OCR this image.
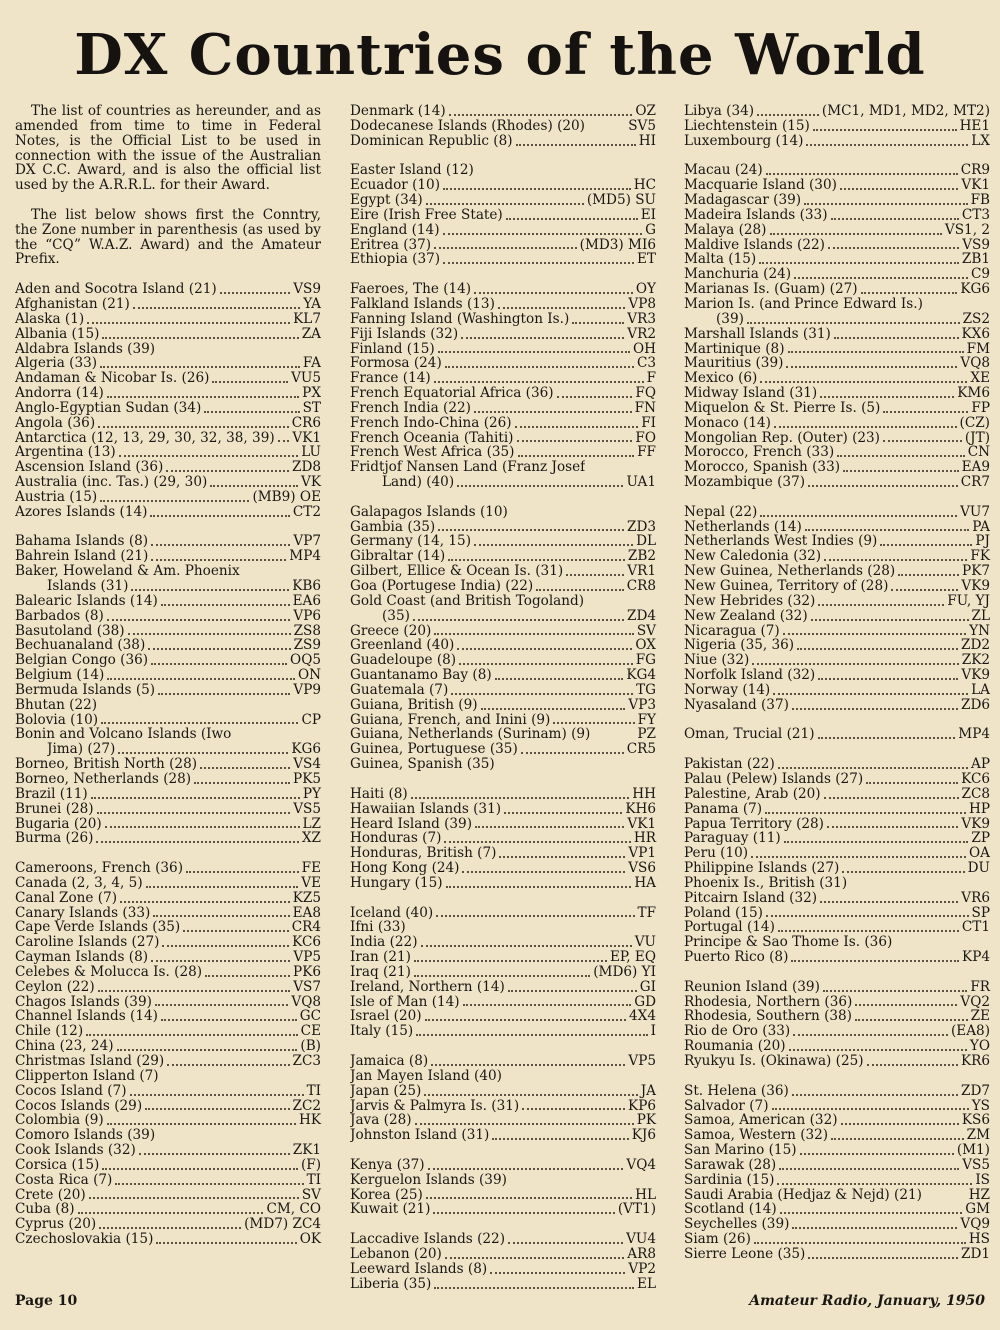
DX Countries of the World

The list of countries as hereunder, and as amended from time to time in Federal Notes, is the Official List to be used in connection with the issue of the Australian DX C.C. Award, and is also the official list used by the A.R.R.L. for their Award.

The list below shows first the Conntry, the Zone number in parenthesis (as used by the “CQ” W.A.Z. Award) and the Amateur Prefix.

Aden and Socotra Island (21)	VS9
Afghanistan (21)	YA
Alaska (1)	KL7
Albania (15)	ZA
Aldabra Islands (39)
Algeria (33)	FA
Andaman & Nicobar Is. (26)	VU5
Andorra (14)	PX
Anglo-Egyptian Sudan (34)	ST
Angola (36)	CR6
Antarctica (12, 13, 29, 30, 32, 38, 39) VK1
Argentina (13)	LU
Ascension Island (36)	ZD8
Australia (inc. Tas.) (29, 30)	VK
Austria (15)	(MB9) OE
Azores Islands (14)	CT2
Bahama Islands (8)	VP7
Bahrein Island (21)	MP4
Baker, Howeland & Am. Phoenix
Islands (31)	KB6
Balearic Islands (14)	EA6
Barbados (8)	VP6
Basutoland (38)	ZS8
Bechuanaland (38)	ZS9
Belgian Congo (36)	OQ5
Belgium (14)	ON
Bermuda Islands (5)	VP9
Bhutan (22)
Bolovia (10)	CP
Bonin and Volcano Islands (Iwo
Jima) (27)	KG6
Borneo, British North (28)	VS4
Borneo, Netherlands (28)	PK5
Brazil (11)	PY
Brunei (28)	VS5
Bugaria (20)	LZ
Burma (26)	XZ
Cameroons, French (36)	FE
Canada (2, 3, 4, 5)	VE
Canal Zone (7)	KZ5
Canary Islands (33)	EA8
Cape Verde Islands (35)	CR4
Caroline Islands (27)	KC6
Cayman Islands (8)	VP5
Celebes & Molucca Is. (28)	PK6
Ceylon (22)	VS7
Chagos Islands (39)	VQ8
Channel Islands (14)	GC
Chile (12)	CE
China (23, 24)	(B)
Christmas Island (29)	ZC3
Clipperton Island (7)
Cocos Island (7)	TI
Cocos Islands (29)	ZC2
Colombia (9)	HK
Comoro Islands (39)
Cook Islands (32)	ZK1
Corsica (15)	(F)
Costa Rica (7)	TI
Crete (20)	SV
Cuba (8)	CM, CO
Cyprus (20)	(MD7) ZC4
Czechoslovakia (15)	OK
Denmark (14)	OZ
Dodecanese Islands (Rhodes) (20)	SV5
Dominican Republic (8)	HI
Easter Island (12)
Ecuador (10)	HC
Egypt (34)	(MD5) SU
Eire (Irish Free State)	EI
England (14)	G
Eritrea (37)	(MD3) MI6
Ethiopia (37)	ET
Faeroes, The (14)	OY
Falkland Islands (13)	VP8
Fanning Island (Washington Is.)	VR3
Fiji Islands (32)	VR2
Finland (15)	OH
Formosa (24)	C3
France (14)	F
French Equatorial Africa (36)	FQ
French India (22)	FN
French Indo-China (26)	FI
French Oceania (Tahiti)	FO
French West Africa (35)	FF
Fridtjof Nansen Land (Franz Josef
Land) (40)	UA1
Galapagos Islands (10)
Gambia (35)	ZD3
Germany (14, 15)	DL
Gibraltar (14)	ZB2
Gilbert, Ellice & Ocean Is. (31)	VR1
Goa (Portugese India) (22)	CR8
Gold Coast (and British Togoland)
(35)	ZD4
Greece (20)	SV
Greenland (40)	OX
Guadeloupe (8)	FG
Guantanamo Bay (8)	KG4
Guatemala (7)	TG
Guiana, British (9)	VP3
Guiana, French, and Inini (9)	FY
Guiana, Netherlands (Surinam) (9)	PZ
Guinea, Portuguese (35)	CR5
Guinea, Spanish (35)
Haiti (8)	HH
Hawaiian Islands (31)	KH6
Heard Island (39)	VK1
Honduras (7)	HR
Honduras, British (7)	VP1
Hong Kong (24)	VS6
Hungary (15)	HA
Iceland (40)	TF
Ifni (33)
India (22)	VU
Iran (21)	EP, EQ
Iraq (21)	(MD6) YI
Ireland, Northern (14)	GI
Isle of Man (14)	GD
Israel (20)	4X4
Italy (15)	I
Jamaica (8)	VP5
Jan Mayen Island (40)
Japan (25)	JA
Jarvis & Palmyra Is. (31)	KP6
Java (28)	PK
Johnston Island (31)	KJ6
Kenya (37)	VQ4
Kerguelon Islands (39)
Korea (25)	HL
Kuwait (21)	(VT1)
Laccadive Islands (22)	VU4
Lebanon (20)	AR8
Leeward Islands (8)	VP2
Liberia (35)	EL
Libya (34)	(MC1, MD1, MD2, MT2)
Liechtenstein (15)	HE1
Luxembourg (14)	LX
Macau (24)	CR9
Macquarie Island (30)	VK1
Madagascar (39)	FB
Madeira Islands (33)	CT3
Malaya (28)	VS1, 2
Maldive Islands (22)	VS9
Malta (15)	ZB1
Manchuria (24)	C9
Marianas Is. (Guam) (27)	KG6
Marion Is. (and Prince Edward Is.)
(39)	ZS2
Marshall Islands (31)	KX6
Martinique (8)	FM
Mauritius (39)	VQ8
Mexico (6)	XE
Midway Island (31)	KM6
Miquelon & St. Pierre Is. (5)	FP
Monaco (14)	(CZ)
Mongolian Rep. (Outer) (23)	(JT)
Morocco, French (33)	CN
Morocco, Spanish (33)	EA9
Mozambique (37)	CR7
Nepal (22)	VU7
Netherlands (14)	PA
Netherlands West Indies (9)	PJ
New Caledonia (32)	FK
New Guinea, Netherlands (28)	PK7
New Guinea, Territory of (28)	VK9
New Hebrides (32)	FU, YJ
New Zealand (32)	ZL
Nicaragua (7)	YN
Nigeria (35, 36)	ZD2
Niue (32)	ZK2
Norfolk Island (32)	VK9
Norway (14)	LA
Nyasaland (37)	ZD6
Oman, Trucial (21)	MP4
Pakistan (22)	AP
Palau (Pelew) Islands (27)	KC6
Palestine, Arab (20)	ZC8
Panama (7)	HP
Papua Territory (28)	VK9
Paraguay (11)	ZP
Peru (10)	OA
Philippine Islands (27)	DU
Phoenix Is., British (31)
Pitcairn Island (32)	VR6
Poland (15)	SP
Portugal (14)	CT1
Principe & Sao Thome Is. (36)
Puerto Rico (8)	KP4
Reunion Island (39)	FR
Rhodesia, Northern (36)	VQ2
Rhodesia, Southern (38)	ZE
Rio de Oro (33)	(EA8)
Roumania (20)	YO
Ryukyu Is. (Okinawa) (25)	KR6
St. Helena (36)	ZD7
Salvador (7)	YS
Samoa, American (32)	KS6
Samoa, Western (32)	ZM
San Marino (15)	(M1)
Sarawak (28)	VS5
Sardinia (15)	IS
Saudi Arabia (Hedjaz & Nejd) (21)	HZ
Scotland (14)	GM
Seychelles (39)	VQ9
Siam (26)	HS
Sierre Leone (35)	ZD1
Page 10	Amateur Radio, January, 1950
